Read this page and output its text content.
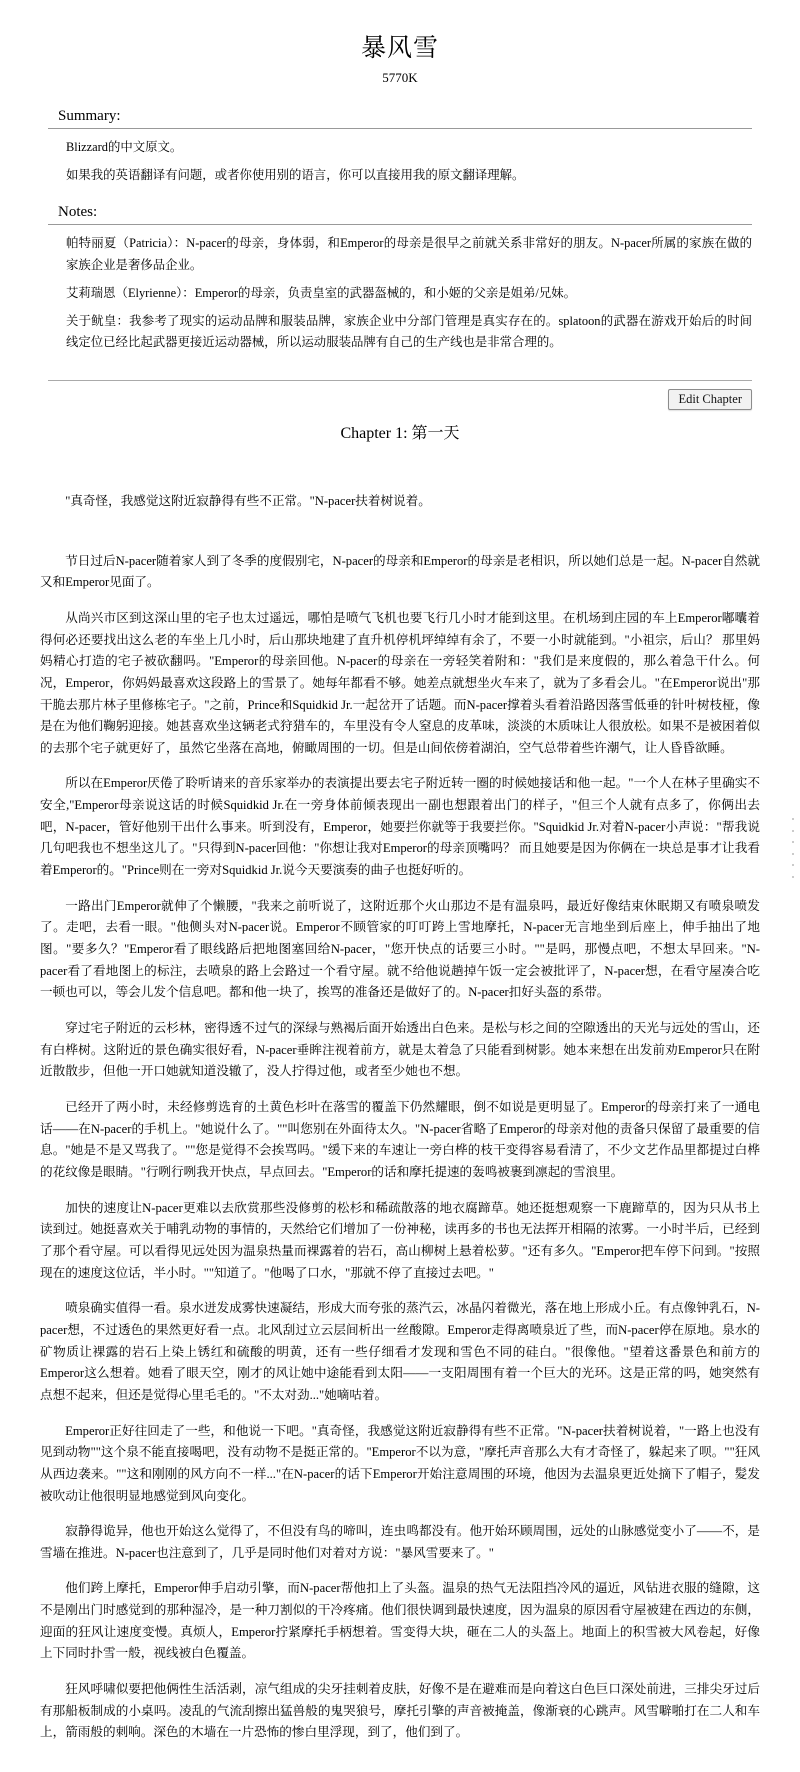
暴风雪
5770K
Summary:

Blizzard的中文原文。

如果我的英语翻译有问题，或者你使用别的语言，你可以直接用我的原文翻译理解。

Notes:

帕特丽夏（Patricia）：N-pacer的母亲，身体弱，和Emperor的母亲是很早之前就关系非常好的朋友。N-pacer所属的家族在做的家族企业是奢侈品企业。

艾莉瑞恩（Elyrienne）：Emperor的母亲，负责皇室的武器盔械的，和小姬的父亲是姐弟/兄妹。

关于鱿皇：我参考了现实的运动品牌和服装品牌，家族企业中分部门管理是真实存在的。splatoon的武器在游戏开始后的时间线定位已经比起武器更接近运动器械，所以运动服装品牌有自己的生产线也是非常合理的。

Edit Chapter
Chapter 1: 第一天

"真奇怪，我感觉这附近寂静得有些不正常。"N-pacer扶着树说着。

节日过后N-pacer随着家人到了冬季的度假别宅，N-pacer的母亲和Emperor的母亲是老相识，所以她们总是一起。N-pacer自然就又和Emperor见面了。

从尚兴市区到这深山里的宅子也太过遥远，哪怕是喷气飞机也要飞行几小时才能到这里。在机场到庄园的车上Emperor嘟囔着得何必还要找出这么老的车坐上几小时，后山那块地建了直升机停机坪绰绰有余了，不要一小时就能到。"小祖宗，后山？ 那里妈妈精心打造的宅子被砍翻吗。"Emperor的母亲回他。N-pacer的母亲在一旁轻笑着附和："我们是来度假的，那么着急干什么。何况，Emperor，你妈妈最喜欢这段路上的雪景了。她每年都看不够。她差点就想坐火车来了，就为了多看会儿。"在Emperor说出"那干脆去那片林子里修栋宅子。"之前，Prince和Squidkid Jr.一起岔开了话题。而N-pacer撑着头看着沿路因落雪低垂的针叶树枝桠，像是在为他们鞠躬迎接。她甚喜欢坐这辆老式狩猎车的，车里没有令人窒息的皮革味，淡淡的木质味让人很放松。如果不是被困着似的去那个宅子就更好了，虽然它坐落在高地，俯瞰周围的一切。但是山间依傍着湖泊，空气总带着些许潮气，让人昏昏欲睡。

所以在Emperor厌倦了聆听请来的音乐家举办的表演提出要去宅子附近转一圈的时候她接话和他一起。"一个人在林子里确实不安全,"Emperor母亲说这话的时候Squidkid Jr.在一旁身体前倾表现出一副也想跟着出门的样子，"但三个人就有点多了，你俩出去吧，N-pacer，管好他别干出什么事来。听到没有，Emperor，她要拦你就等于我要拦你。"Squidkid Jr.对着N-pacer小声说："帮我说几句吧我也不想坐这儿了。"只得到N-pacer回他："你想让我对Emperor的母亲顶嘴吗？ 而且她要是因为你俩在一块总是事才让我看着Emperor的。"Prince则在一旁对Squidkid Jr.说今天要演奏的曲子也挺好听的。

一路出门Emperor就伸了个懒腰，"我来之前听说了，这附近那个火山那边不是有温泉吗，最近好像结束休眠期又有喷泉喷发了。走吧，去看一眼。"他侧头对N-pacer说。Emperor不顾管家的叮叮跨上雪地摩托，N-pacer无言地坐到后座上，伸手抽出了地图。"要多久？"Emperor看了眼线路后把地图塞回给N-pacer，"您开快点的话要三小时。""是吗，那慢点吧，不想太早回来。"N-pacer看了看地图上的标注，去喷泉的路上会路过一个看守屋。就不给他说趟掉午饭一定会被批评了，N-pacer想，在看守屋凑合吃一顿也可以，等会儿发个信息吧。都和他一块了，挨骂的准备还是做好了的。N-pacer扣好头盔的系带。

穿过宅子附近的云杉林，密得透不过气的深绿与熟褐后面开始透出白色来。是松与杉之间的空隙透出的天光与远处的雪山，还有白桦树。这附近的景色确实很好看，N-pacer垂眸注视着前方，就是太着急了只能看到树影。她本来想在出发前劝Emperor只在附近散散步，但他一开口她就知道没辙了，没人拧得过他，或者至少她也不想。

已经开了两小时，未经修剪选育的土黄色杉叶在落雪的覆盖下仍然耀眼，倒不如说是更明显了。Emperor的母亲打来了一通电话——在N-pacer的手机上。"她说什么了。""叫您别在外面待太久。"N-pacer省略了Emperor的母亲对他的责备只保留了最重要的信息。"她是不是又骂我了。""您是觉得不会挨骂吗。"缓下来的车速让一旁白桦的枝干变得容易看清了，不少文艺作品里都提过白桦的花纹像是眼睛。"行咧行咧我开快点，早点回去。"Emperor的话和摩托提速的轰鸣被裹到凛起的雪浪里。

加快的速度让N-pacer更难以去欣赏那些没修剪的松杉和稀疏散落的地衣腐蹄草。她还挺想观察一下鹿蹄草的，因为只从书上读到过。她挺喜欢关于哺乳动物的事情的，天然给它们增加了一份神秘，读再多的书也无法挥开相隔的浓雾。一小时半后，已经到了那个看守屋。可以看得见远处因为温泉热量而裸露着的岩石，高山柳树上悬着松萝。"还有多久。"Emperor把车停下问到。"按照现在的速度这位话，半小时。""知道了。"他喝了口水，"那就不停了直接过去吧。"

喷泉确实值得一看。泉水迸发成雾快速凝结，形成大而夸张的蒸汽云，冰晶闪着微光，落在地上形成小丘。有点像钟乳石，N-pacer想，不过透色的果然更好看一点。北风刮过立云层间析出一丝酸隙。Emperor走得离喷泉近了些，而N-pacer停在原地。泉水的矿物质让裸露的岩石上染上锈红和硫酸的明黄，还有一些仔细看才发现和雪色不同的硅白。"很像他。"望着这番景色和前方的Emperor这么想着。她看了眼天空，刚才的风让她中途能看到太阳——一支阳周围有着一个巨大的光环。这是正常的吗，她突然有点想不起来，但还是觉得心里毛毛的。"不太对劲..."她嘀咕着。

Emperor正好往回走了一些，和他说一下吧。"真奇怪，我感觉这附近寂静得有些不正常。"N-pacer扶着树说着，"一路上也没有见到动物""这个泉不能直接喝吧，没有动物不是挺正常的。"Emperor不以为意，"摩托声音那么大有才奇怪了，躲起来了呗。""狂风从西边袭来。""这和刚刚的风方向不一样..."在N-pacer的话下Emperor开始注意周围的环境，他因为去温泉更近处摘下了帽子，髪发被吹动让他很明显地感觉到风向变化。

寂静得诡异，他也开始这么觉得了，不但没有鸟的啼叫，连虫鸣都没有。他开始环顾周围，远处的山脉感觉变小了——不，是雪墙在推进。N-pacer也注意到了，几乎是同时他们对着对方说："暴风雪要来了。"

他们跨上摩托，Emperor伸手启动引擎，而N-pacer帮他扣上了头盔。温泉的热气无法阻挡冷风的逼近，风钻进衣服的缝隙，这不是刚出门时感觉到的那种湿冷，是一种刀割似的干冷疼痛。他们很快调到最快速度，因为温泉的原因看守屋被建在西边的东侧，迎面的狂风让速度变慢。真烦人，Emperor拧紧摩托手柄想着。雪变得大块，砸在二人的头盔上。地面上的积雪被大风卷起，好像上下同时扑雪一般，视线被白色覆盖。

狂风呼啸似要把他俩性生活活剥，凉气组成的尖牙挂刺着皮肤，好像不是在避难而是向着这白色巨口深处前进，三排尖牙过后有那船板制成的小桌吗。凌乱的气流刮擦出猛兽般的鬼哭狼号，摩托引擎的声音被掩盖，像渐衰的心跳声。风雪噼啪打在二人和车上，箭雨般的刺响。深色的木墙在一片恐怖的惨白里浮现，到了，他们到了。
